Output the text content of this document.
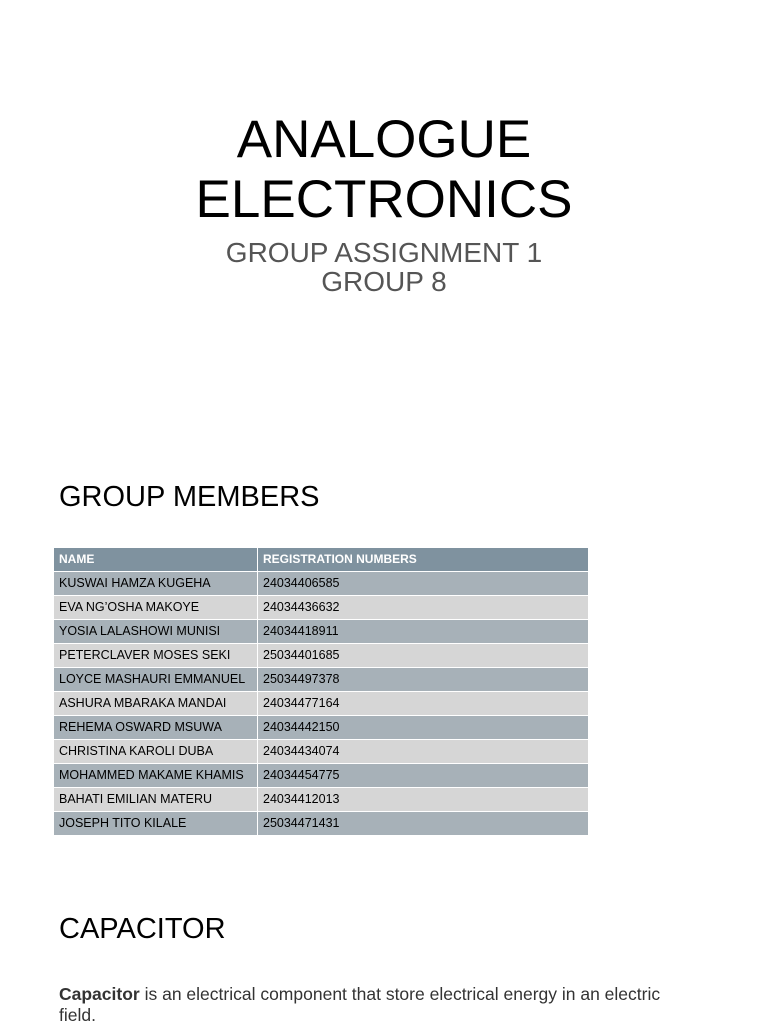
ANALOGUE
ELECTRONICS
GROUP ASSIGNMENT 1
GROUP 8
GROUP MEMBERS
NAME	REGISTRATION NUMBERS
KUSWAI HAMZA KUGEHA	24034406585
EVA NG’OSHA MAKOYE	24034436632
YOSIA LALASHOWI MUNISI	24034418911
PETERCLAVER MOSES SEKI	25034401685
LOYCE MASHAURI EMMANUEL	25034497378
ASHURA MBARAKA MANDAI	24034477164
REHEMA OSWARD MSUWA	24034442150
CHRISTINA KAROLI DUBA	24034434074
MOHAMMED MAKAME KHAMIS	24034454775
BAHATI EMILIAN MATERU	24034412013
JOSEPH TITO KILALE	25034471431
CAPACITOR

Capacitor is an electrical component that store electrical energy in an electric field.
